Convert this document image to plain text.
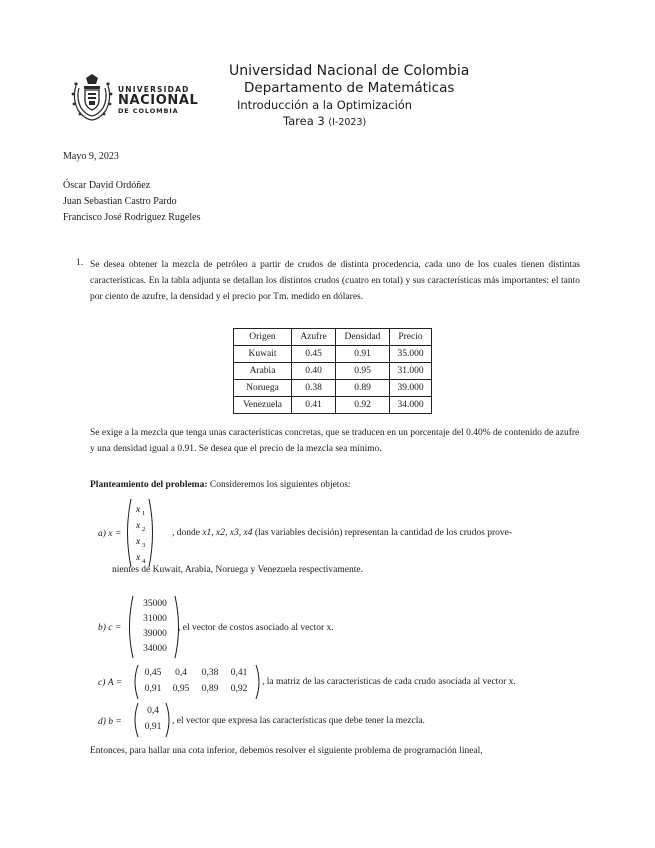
UNIVERSIDAD
NACIONAL
DE COLOMBIA
Universidad Nacional de Colombia
Departamento de Matemáticas
Introducción a la Optimización
Tarea 3 (I-2023)
Mayo 9, 2023
Óscar David Ordóñez
Juan Sebastian Castro Pardo
Francisco José Rodriguez Rugeles
1. Se desea obtener la mezcla de petróleo a partir de crudos de distinta procedencia, cada uno de los cuales tienen distintas características. En la tabla adjunta se detallan los distintos crudos (cuatro en total) y sus características más importantes: el tanto por ciento de azufre, la densidad y el precio por Tm. medido en dólares.
Origen	Azufre	Densidad	Precio
Kuwait	0.45	0.91	35.000
Arabia	0.40	0.95	31.000
Noruega	0.38	0.89	39.000
Venezuela	0.41	0.92	34.000
Se exige a la mezcla que tenga unas características concretas, que se traducen en un porcentaje del 0.40% de contenido de azufre y una densidad igual a 0.91. Se desea que el precio de la mezcla sea mínimo.
Planteamiento del problema: Consideremos los siguientes objetos:
a) x =
x 1
x 2
x 3
x 4
, donde x1, x2, x3, x4 (las variables decisión) representan la cantidad de los crudos prove-
nientes de Kuwait, Arabia, Noruega y Venezuela respectivamente.
b) c =
35000
31000
39000
34000
, el vector de costos asociado al vector x.
c) A =
0,45	0,4	0,38	0,41
0,91	0,95	0,89	0,92
, la matriz de las características de cada crudo asociada al vector x.
d) b =
0,4
0,91
, el vector que expresa las características que debe tener la mezcla.
Entonces, para hallar una cota inferior, debemos resolver el siguiente problema de programación lineal,
